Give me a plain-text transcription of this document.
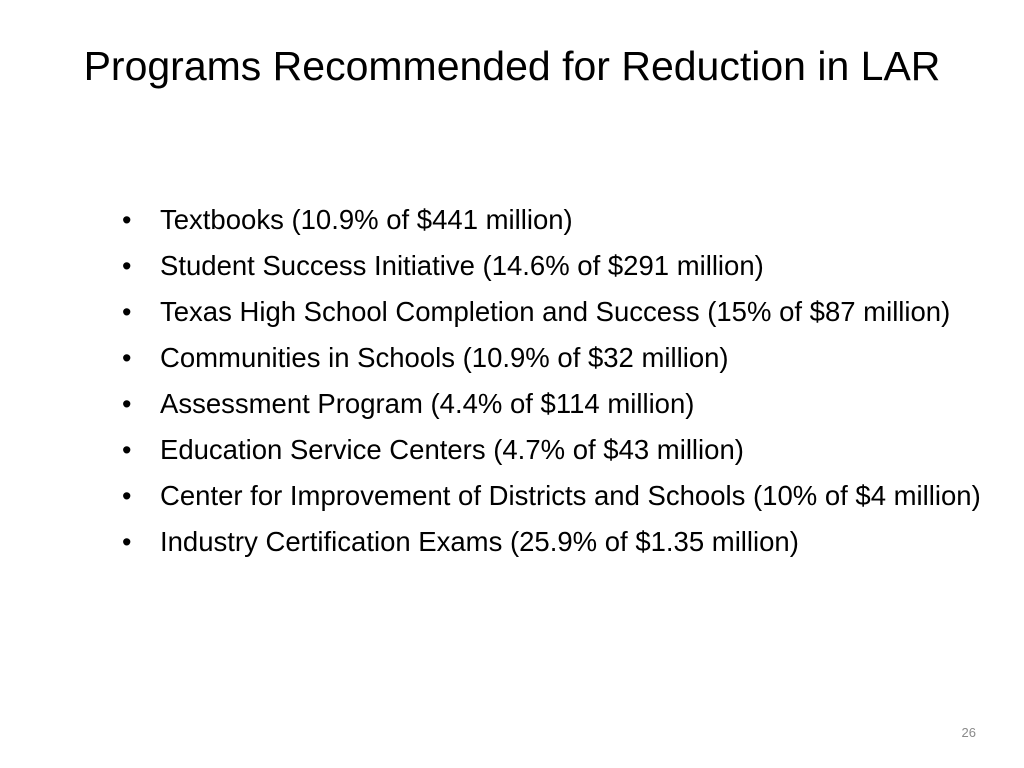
Programs Recommended for Reduction in LAR
• Textbooks (10.9% of $441 million)
• Student Success Initiative (14.6% of $291 million)
• Texas High School Completion and Success (15% of $87 million)
• Communities in Schools (10.9% of $32 million)
• Assessment Program (4.4% of $114 million)
• Education Service Centers (4.7% of $43 million)
• Center for Improvement of Districts and Schools (10% of $4 million)
• Industry Certification Exams (25.9% of $1.35 million)
26
